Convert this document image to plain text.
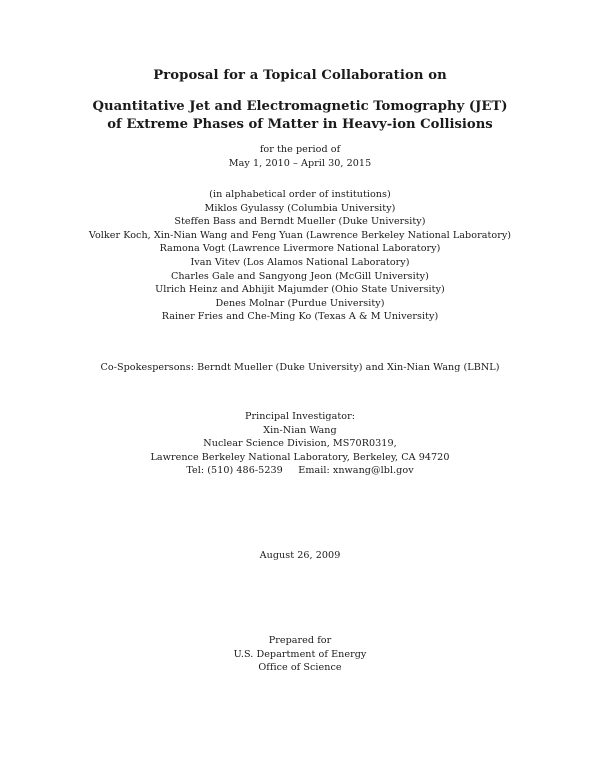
Proposal for a Topical Collaboration on
Quantitative Jet and Electromagnetic Tomography (JET)
of Extreme Phases of Matter in Heavy-ion Collisions
for the period of
May 1, 2010 – April 30, 2015
(in alphabetical order of institutions)
Miklos Gyulassy (Columbia University)
Steffen Bass and Berndt Mueller (Duke University)
Volker Koch, Xin-Nian Wang and Feng Yuan (Lawrence Berkeley National Laboratory)
Ramona Vogt (Lawrence Livermore National Laboratory)
Ivan Vitev (Los Alamos National Laboratory)
Charles Gale and Sangyong Jeon (McGill University)
Ulrich Heinz and Abhijit Majumder (Ohio State University)
Denes Molnar (Purdue University)
Rainer Fries and Che-Ming Ko (Texas A & M University)
Co-Spokespersons: Berndt Mueller (Duke University) and Xin-Nian Wang (LBNL)
Principal Investigator:
Xin-Nian Wang
Nuclear Science Division, MS70R0319,
Lawrence Berkeley National Laboratory, Berkeley, CA 94720
Tel: (510) 486-5239     Email: xnwang@lbl.gov
August 26, 2009
Prepared for
U.S. Department of Energy
Office of Science
